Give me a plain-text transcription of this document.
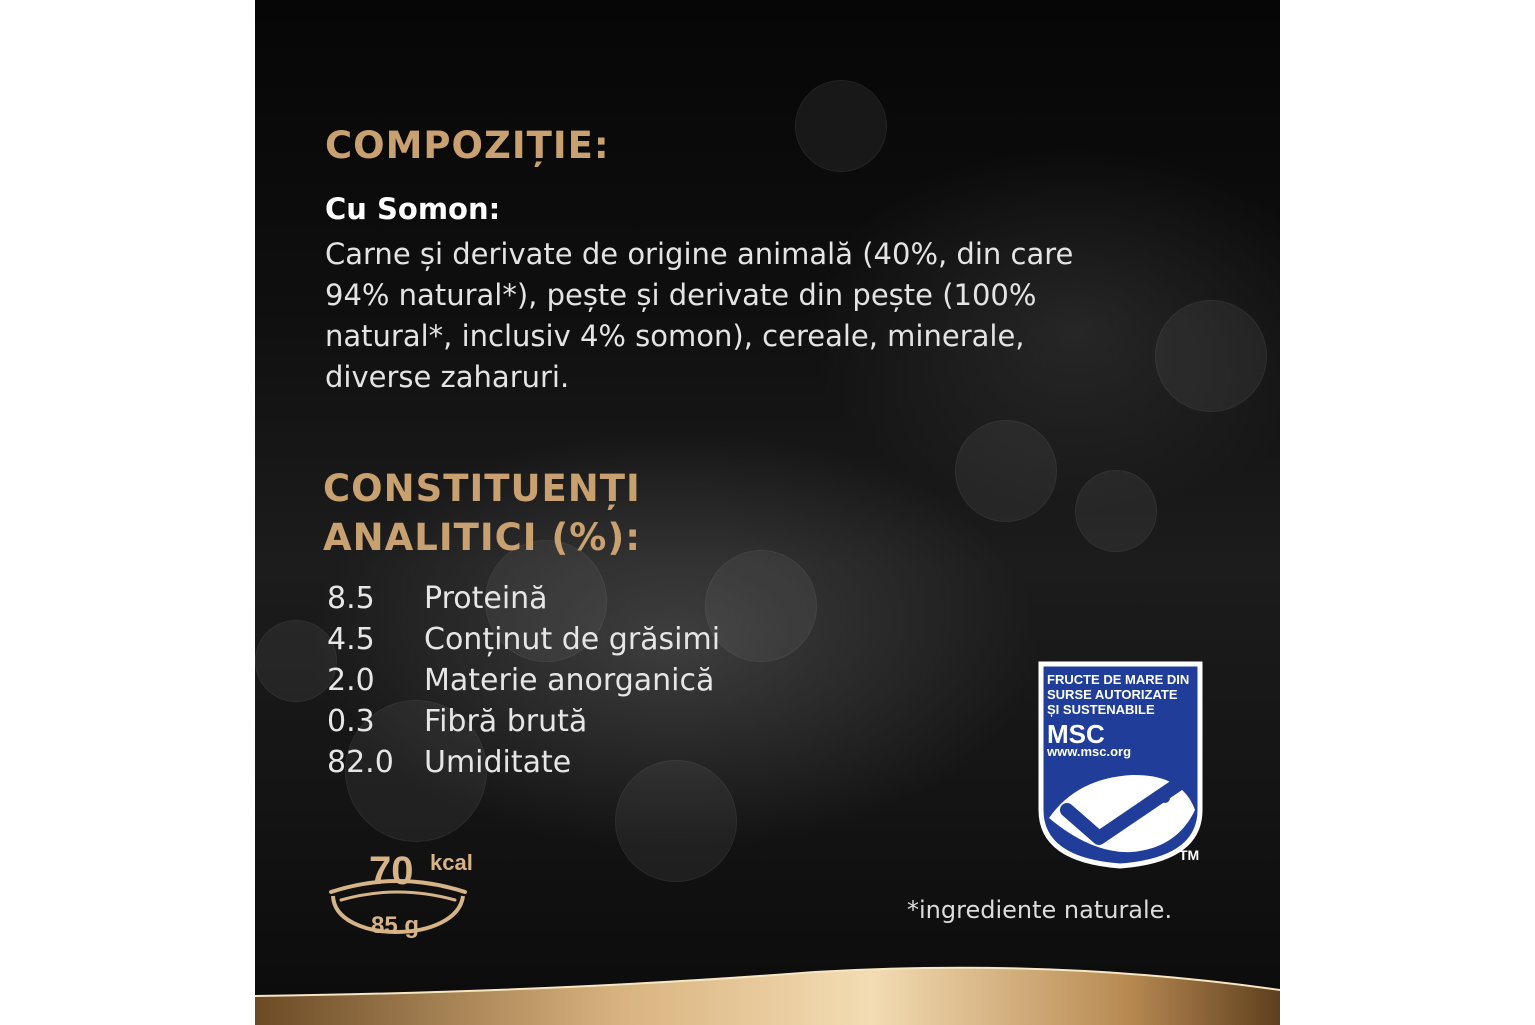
COMPOZIȚIE:

Cu Somon:

Carne și derivate de origine animală (40%, din care
94% natural*), pește și derivate din pește (100%
natural*, inclusiv 4% somon), cereale, minerale,
diverse zaharuri.
CONSTITUENȚI
ANALITICI (%):
8.5	Proteină
4.5	Conținut de grăsimi
2.0	Materie anorganică
0.3	Fibră brută
82.0	Umiditate
70 kcal
85 g
FRUCTE DE MARE DIN
SURSE AUTORIZATE
ȘI SUSTENABILE
MSC
www.msc.org
TM
*ingrediente naturale.
